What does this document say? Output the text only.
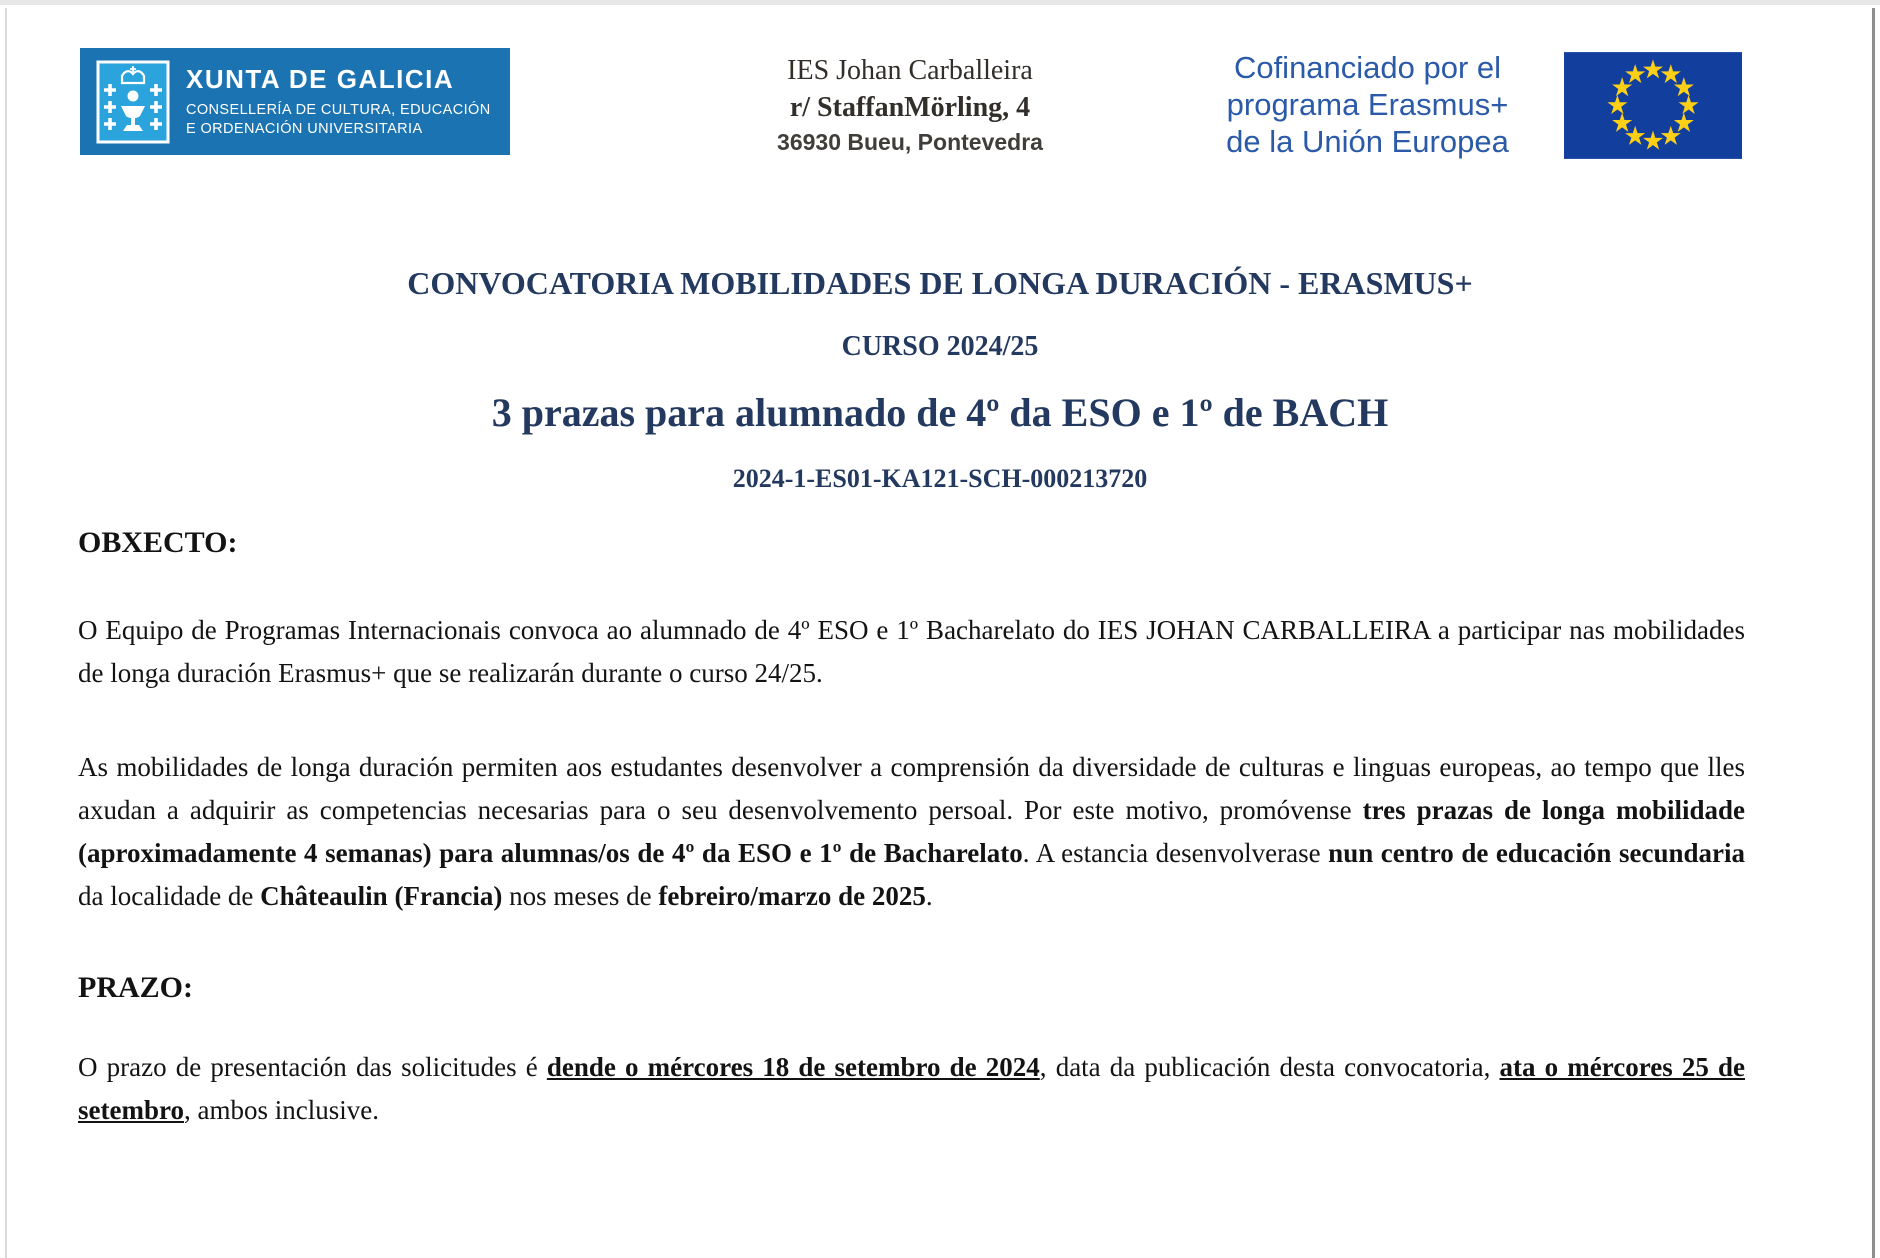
XUNTA DE GALICIA
CONSELLERÍA DE CULTURA, EDUCACIÓN
E ORDENACIÓN UNIVERSITARIA
IES Johan Carballeira
r/ StaffanMörling, 4
36930 Bueu, Pontevedra
Cofinanciado por el
programa Erasmus+
de la Unión Europea
CONVOCATORIA MOBILIDADES DE LONGA DURACIÓN - ERASMUS+
CURSO 2024/25
3 prazas para alumnado de 4º da ESO e 1º de BACH
2024-1-ES01-KA121-SCH-000213720
OBXECTO:

O Equipo de Programas Internacionais convoca ao alumnado de 4º ESO e 1º Bacharelato do IES JOHAN CARBALLEIRA a participar nas mobilidades de longa duración Erasmus+ que se realizarán durante o curso 24/25.

As mobilidades de longa duración permiten aos estudantes desenvolver a comprensión da diversidade de culturas e linguas europeas, ao tempo que lles axudan a adquirir as competencias necesarias para o seu desenvolvemento persoal. Por este motivo, promóvense tres prazas de longa mobilidade (aproximadamente 4 semanas) para alumnas/os de 4º da ESO e 1º de Bacharelato. A estancia desenvolverase nun centro de educación secundaria da localidade de Châteaulin (Francia) nos meses de febreiro/marzo de 2025.

PRAZO:

O prazo de presentación das solicitudes é dende o mércores 18 de setembro de 2024, data da publicación desta convocatoria, ata o mércores 25 de setembro, ambos inclusive.
